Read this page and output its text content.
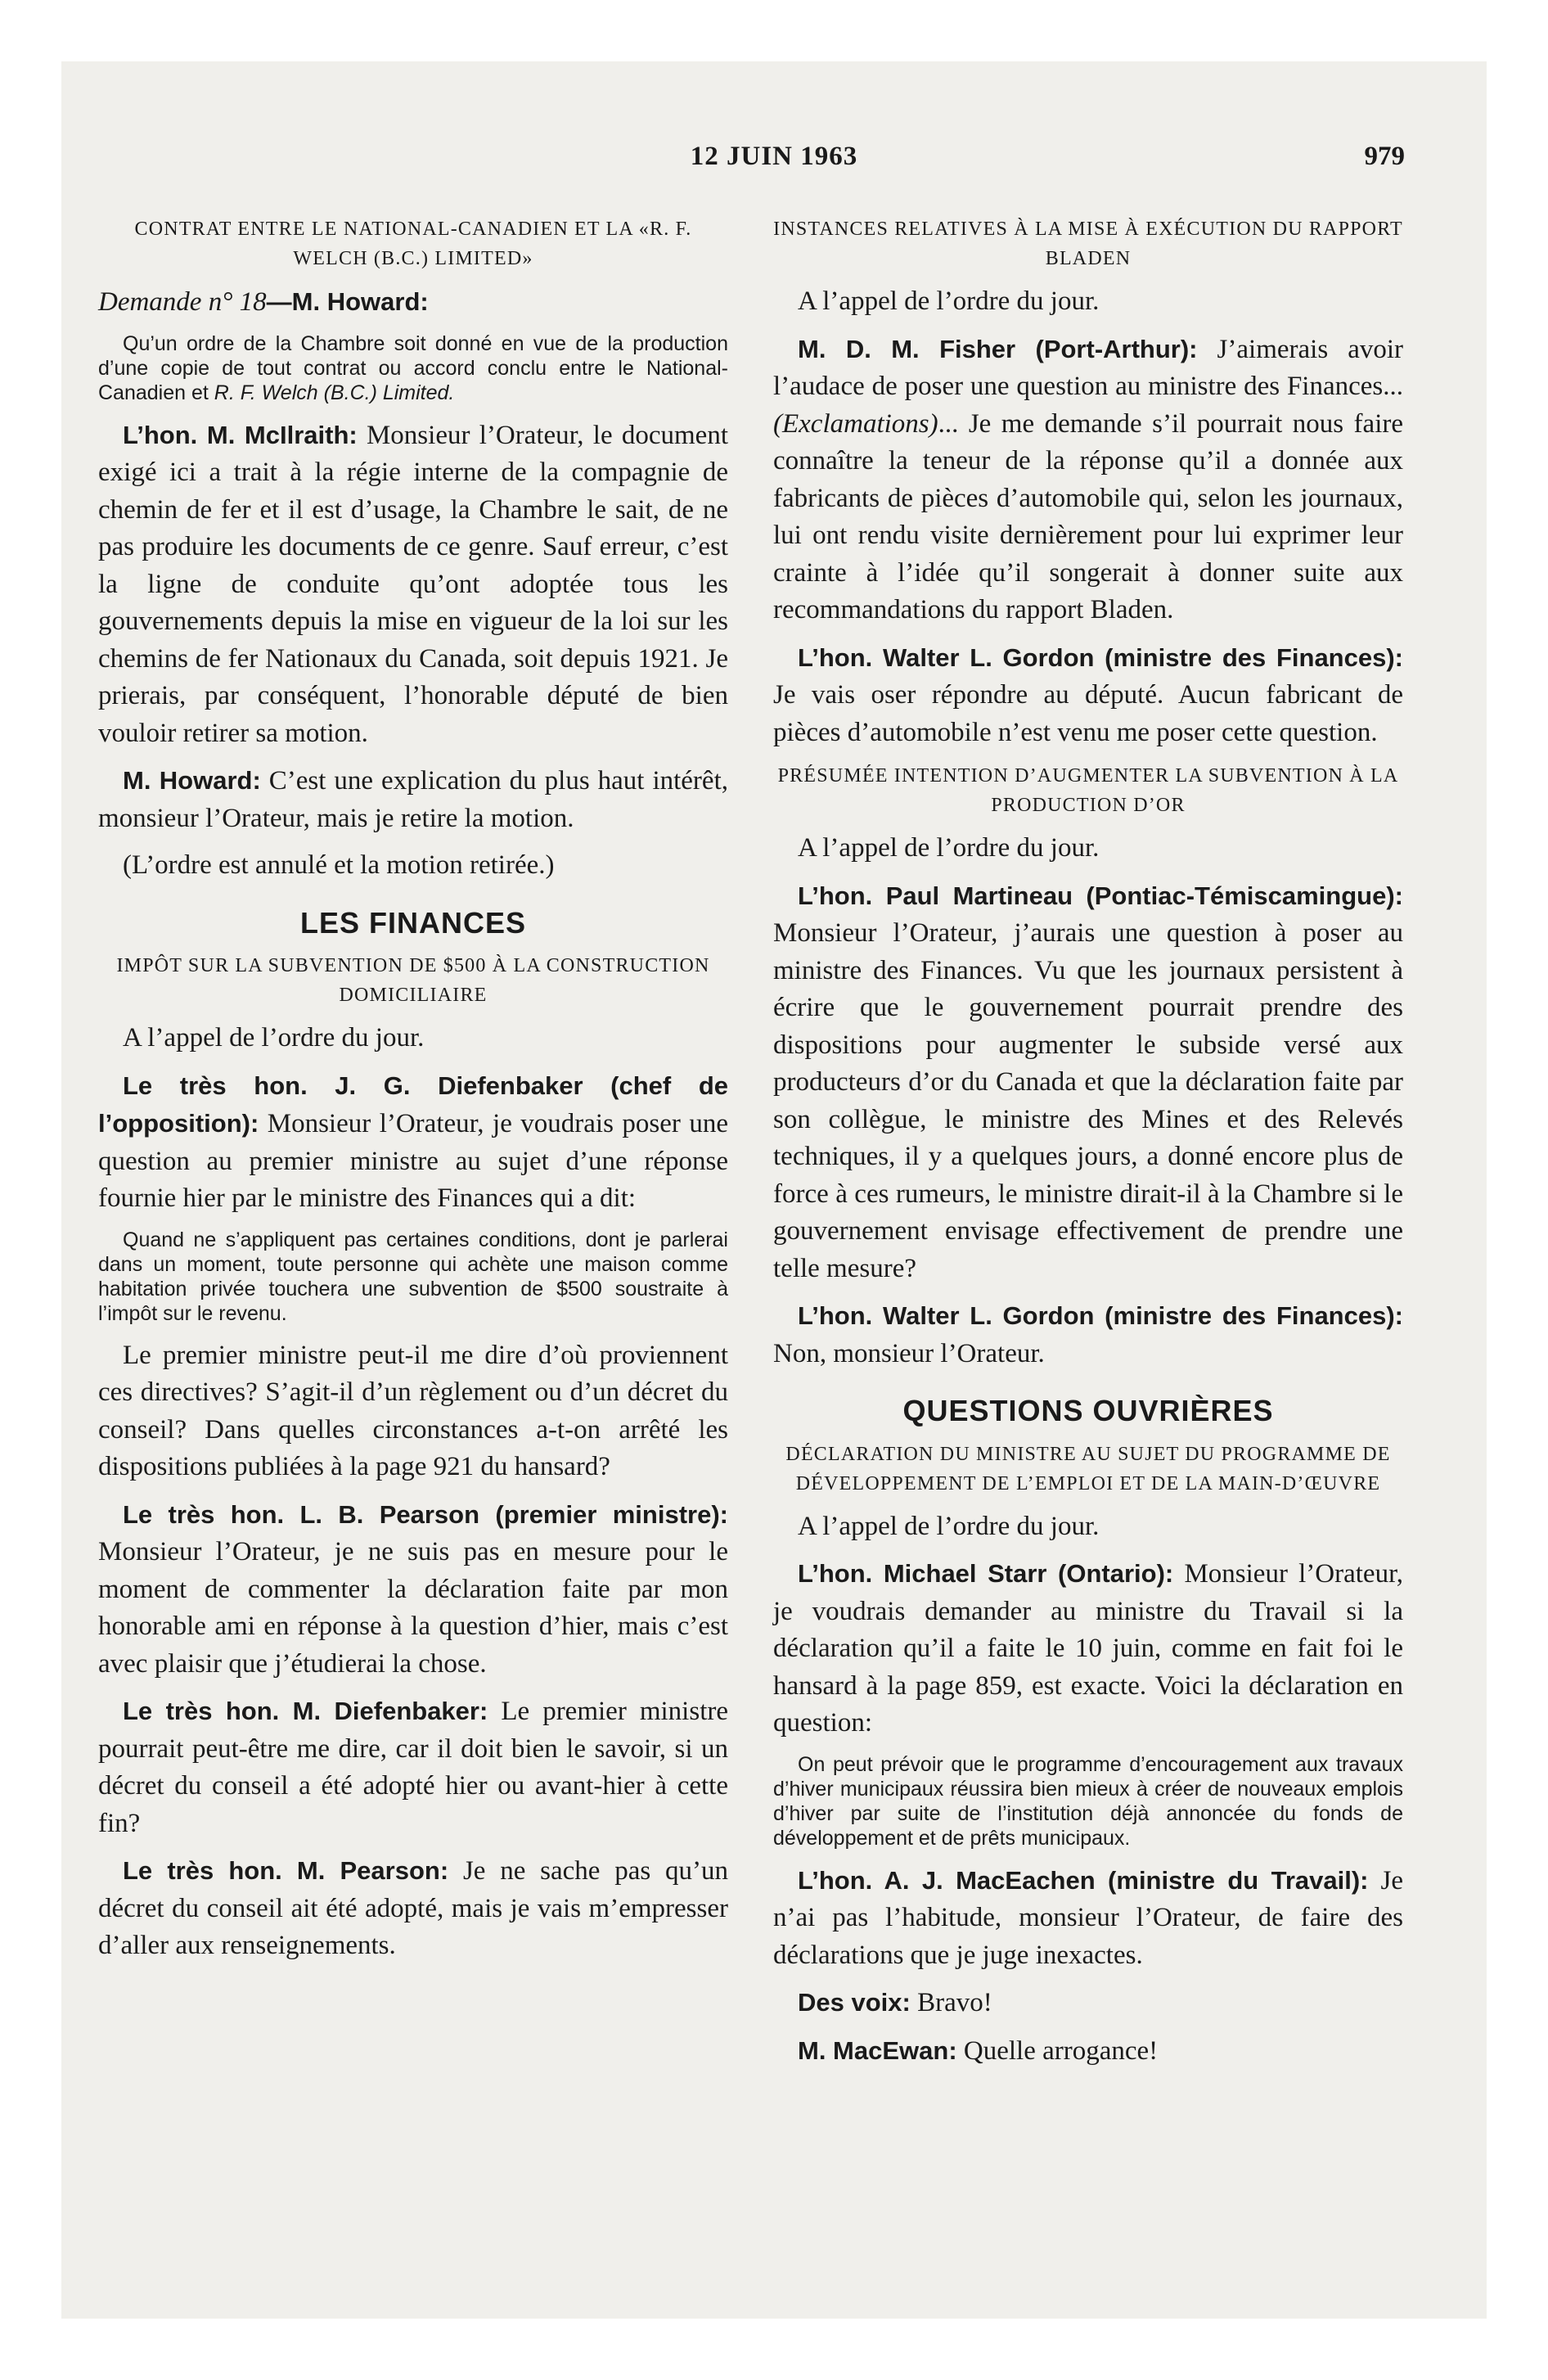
12 JUIN 1963	979
CONTRAT ENTRE LE NATIONAL-CANADIEN ET LA «R. F. WELCH (B.C.) LIMITED»

Demande n° 18—M. Howard:

Qu’un ordre de la Chambre soit donné en vue de la production d’une copie de tout contrat ou accord conclu entre le National-Canadien et R. F. Welch (B.C.) Limited.

L’hon. M. McIlraith: Monsieur l’Orateur, le document exigé ici a trait à la régie interne de la compagnie de chemin de fer et il est d’usage, la Chambre le sait, de ne pas produire les documents de ce genre. Sauf erreur, c’est la ligne de conduite qu’ont adoptée tous les gouvernements depuis la mise en vigueur de la loi sur les chemins de fer Nationaux du Canada, soit depuis 1921. Je prierais, par conséquent, l’honorable député de bien vouloir retirer sa motion.

M. Howard: C’est une explication du plus haut intérêt, monsieur l’Orateur, mais je retire la motion.

(L’ordre est annulé et la motion retirée.)

LES FINANCES
IMPÔT SUR LA SUBVENTION DE $500 À LA CONSTRUCTION DOMICILIAIRE

A l’appel de l’ordre du jour.

Le très hon. J. G. Diefenbaker (chef de l’opposition): Monsieur l’Orateur, je voudrais poser une question au premier ministre au sujet d’une réponse fournie hier par le ministre des Finances qui a dit:

Quand ne s’appliquent pas certaines conditions, dont je parlerai dans un moment, toute personne qui achète une maison comme habitation privée touchera une subvention de $500 soustraite à l’impôt sur le revenu.

Le premier ministre peut-il me dire d’où proviennent ces directives? S’agit-il d’un règlement ou d’un décret du conseil? Dans quelles circonstances a-t-on arrêté les dispositions publiées à la page 921 du hansard?

Le très hon. L. B. Pearson (premier ministre): Monsieur l’Orateur, je ne suis pas en mesure pour le moment de commenter la déclaration faite par mon honorable ami en réponse à la question d’hier, mais c’est avec plaisir que j’étudierai la chose.

Le très hon. M. Diefenbaker: Le premier ministre pourrait peut-être me dire, car il doit bien le savoir, si un décret du conseil a été adopté hier ou avant-hier à cette fin?

Le très hon. M. Pearson: Je ne sache pas qu’un décret du conseil ait été adopté, mais je vais m’empresser d’aller aux renseignements.

INSTANCES RELATIVES À LA MISE À EXÉCUTION DU RAPPORT BLADEN

A l’appel de l’ordre du jour.

M. D. M. Fisher (Port-Arthur): J’aimerais avoir l’audace de poser une question au ministre des Finances... (Exclamations)... Je me demande s’il pourrait nous faire connaître la teneur de la réponse qu’il a donnée aux fabricants de pièces d’automobile qui, selon les journaux, lui ont rendu visite dernièrement pour lui exprimer leur crainte à l’idée qu’il songerait à donner suite aux recommandations du rapport Bladen.

L’hon. Walter L. Gordon (ministre des Finances): Je vais oser répondre au député. Aucun fabricant de pièces d’automobile n’est venu me poser cette question.

PRÉSUMÉE INTENTION D’AUGMENTER LA SUBVENTION À LA PRODUCTION D’OR

A l’appel de l’ordre du jour.

L’hon. Paul Martineau (Pontiac-Témiscamingue): Monsieur l’Orateur, j’aurais une question à poser au ministre des Finances. Vu que les journaux persistent à écrire que le gouvernement pourrait prendre des dispositions pour augmenter le subside versé aux producteurs d’or du Canada et que la déclaration faite par son collègue, le ministre des Mines et des Relevés techniques, il y a quelques jours, a donné encore plus de force à ces rumeurs, le ministre dirait-il à la Chambre si le gouvernement envisage effectivement de prendre une telle mesure?

L’hon. Walter L. Gordon (ministre des Finances): Non, monsieur l’Orateur.

QUESTIONS OUVRIÈRES
DÉCLARATION DU MINISTRE AU SUJET DU PROGRAMME DE DÉVELOPPEMENT DE L’EMPLOI ET DE LA MAIN-D’ŒUVRE

A l’appel de l’ordre du jour.

L’hon. Michael Starr (Ontario): Monsieur l’Orateur, je voudrais demander au ministre du Travail si la déclaration qu’il a faite le 10 juin, comme en fait foi le hansard à la page 859, est exacte. Voici la déclaration en question:

On peut prévoir que le programme d’encouragement aux travaux d’hiver municipaux réussira bien mieux à créer de nouveaux emplois d’hiver par suite de l’institution déjà annoncée du fonds de développement et de prêts municipaux.

L’hon. A. J. MacEachen (ministre du Travail): Je n’ai pas l’habitude, monsieur l’Orateur, de faire des déclarations que je juge inexactes.

Des voix: Bravo!

M. MacEwan: Quelle arrogance!
